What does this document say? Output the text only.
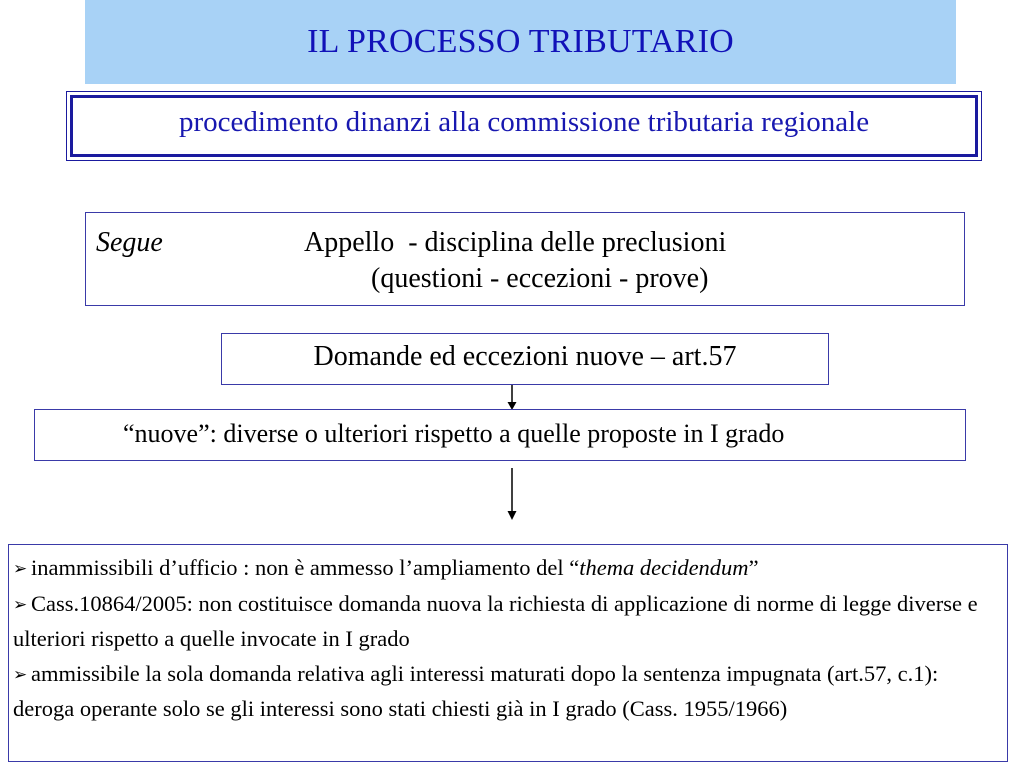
IL PROCESSO TRIBUTARIO
procedimento dinanzi alla commissione tributaria regionale
Segue	Appello  - disciplina delle preclusioni
(questioni - eccezioni - prove)
Domande ed eccezioni nuove – art.57
“nuove”: diverse o ulteriori rispetto a quelle proposte in I grado

➢ inammissibili d’ufficio : non è ammesso l’ampliamento del “thema decidendum”

➢ Cass.10864/2005: non costituisce domanda nuova la richiesta di applicazione di norme di legge diverse e ulteriori rispetto a quelle invocate in I grado

➢ ammissibile la sola domanda relativa agli interessi maturati dopo la sentenza impugnata (art.57, c.1): deroga operante solo se gli interessi sono stati chiesti già in I grado (Cass. 1955/1966)
